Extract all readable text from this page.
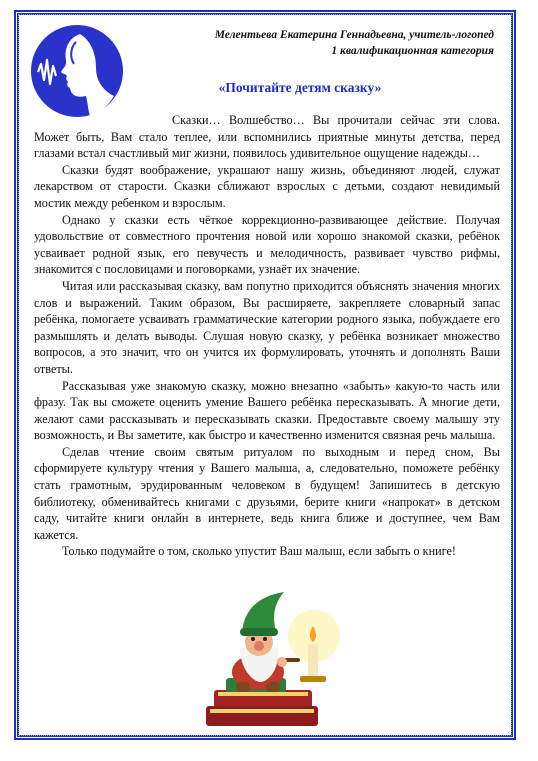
Мелентьева Екатерина Геннадьевна, учитель-логопед
1 квалификационная категория
«Почитайте детям сказку»

Сказки… Волшебство… Вы прочитали сейчас эти слова. Может быть, Вам стало теплее, или вспомнились приятные минуты детства, перед глазами встал счастливый миг жизни, появилось удивительное ощущение надежды…

Сказки будят воображение, украшают нашу жизнь, объединяют людей, служат лекарством от старости. Сказки сближают взрослых с детьми, создают невидимый мостик между ребенком и взрослым.

Однако у сказки есть чёткое коррекционно-развивающее действие. Получая удовольствие от совместного прочтения новой или хорошо знакомой сказки, ребёнок усваивает родной язык, его певучесть и мелодичность, развивает чувство рифмы, знакомится с пословицами и поговорками, узнаёт их значение.

Читая или рассказывая сказку, вам попутно приходится объяснять значения многих слов и выражений. Таким образом, Вы расширяете, закрепляете словарный запас ребёнка, помогаете усваивать грамматические категории родного языка, побуждаете его размышлять и делать выводы. Слушая новую сказку, у ребёнка возникает множество вопросов, а это значит, что он учится их формулировать, уточнять и дополнять Ваши ответы.

Рассказывая уже знакомую сказку, можно внезапно «забыть» какую-то часть или фразу. Так вы сможете оценить умение Вашего ребёнка пересказывать. А многие дети, желают сами рассказывать и пересказывать сказки. Предоставьте своему малышу эту возможность, и Вы заметите, как быстро и качественно изменится связная речь малыша.

Сделав чтение своим святым ритуалом по выходным и перед сном, Вы сформируете культуру чтения у Вашего малыша, а, следовательно, поможете ребёнку стать грамотным, эрудированным человеком в будущем! Запишитесь в детскую библиотеку, обменивайтесь книгами с друзьями, берите книги «напрокат» в детском саду, читайте книги онлайн в интернете, ведь книга ближе и доступнее, чем Вам кажется.

Только подумайте о том, сколько упустит Ваш малыш, если забыть о книге!
